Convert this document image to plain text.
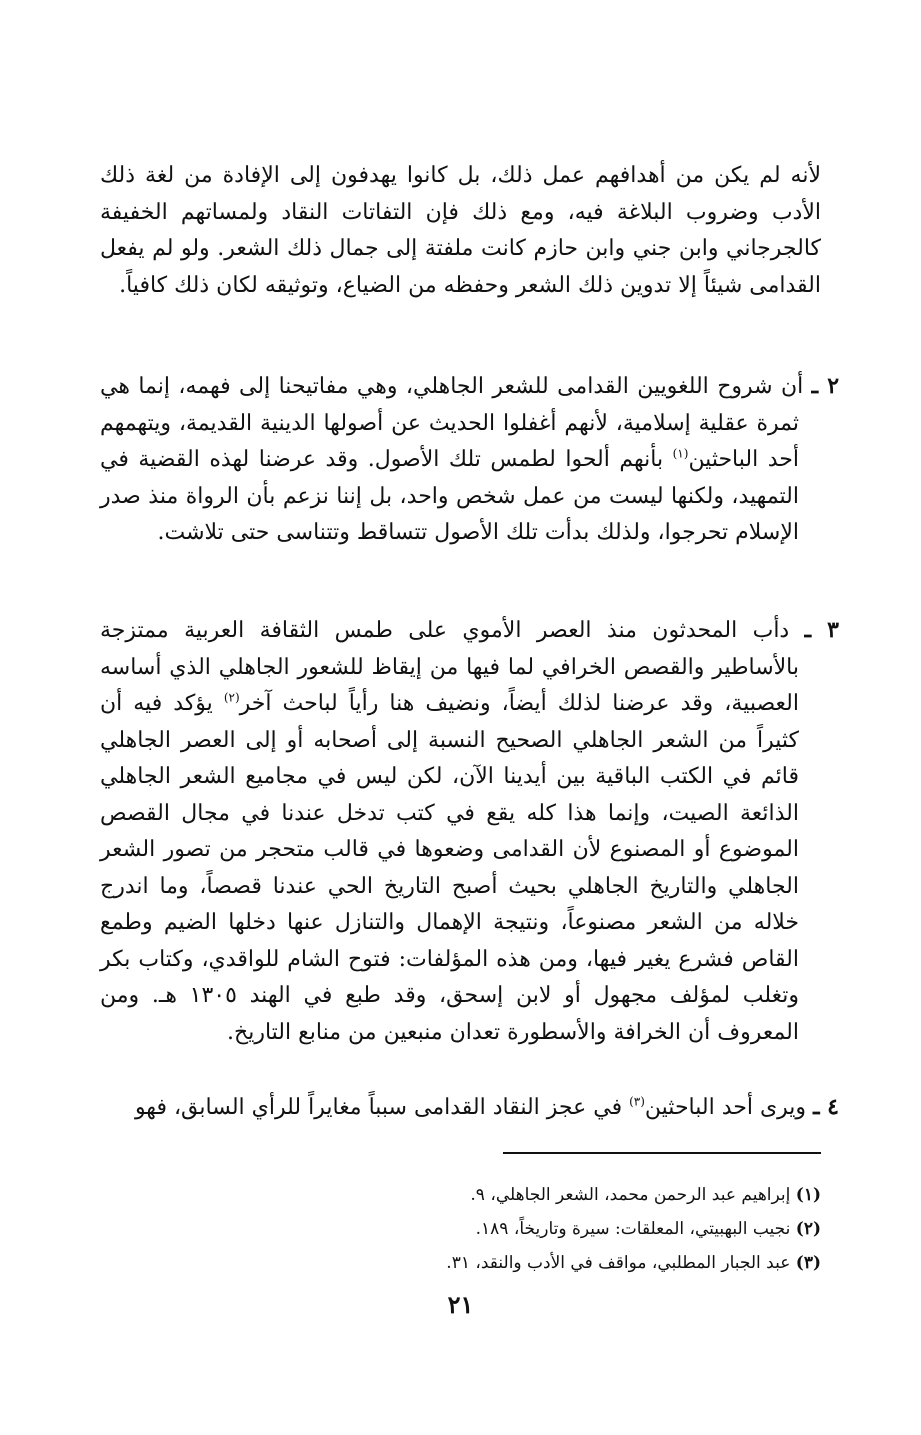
لأنه لم يكن من أهدافهم عمل ذلك، بل كانوا يهدفون إلى الإفادة من لغة ذلك الأدب وضروب البلاغة فيه، ومع ذلك فإن التفاتات النقاد ولمساتهم الخفيفة كالجرجاني وابن جني وابن حازم كانت ملفتة إلى جمال ذلك الشعر. ولو لم يفعل القدامى شيئاً إلا تدوين ذلك الشعر وحفظه من الضياع، وتوثيقه لكان ذلك كافياً.

٢ ـ أن شروح اللغويين القدامى للشعر الجاهلي، وهي مفاتيحنا إلى فهمه، إنما هي ثمرة عقلية إسلامية، لأنهم أغفلوا الحديث عن أصولها الدينية القديمة، ويتهمهم أحد الباحثين$^{(١)}$ بأنهم ألحوا لطمس تلك الأصول. وقد عرضنا لهذه القضية في التمهيد، ولكنها ليست من عمل شخص واحد، بل إننا نزعم بأن الرواة منذ صدر الإسلام تحرجوا، ولذلك بدأت تلك الأصول تتساقط وتتناسى حتى تلاشت.

٣ ـ دأب المحدثون منذ العصر الأموي على طمس الثقافة العربية ممتزجة بالأساطير والقصص الخرافي لما فيها من إيقاظ للشعور الجاهلي الذي أساسه العصبية، وقد عرضنا لذلك أيضاً، ونضيف هنا رأياً لباحث آخر$^{(٢)}$ يؤكد فيه أن كثيراً من الشعر الجاهلي الصحيح النسبة إلى أصحابه أو إلى العصر الجاهلي قائم في الكتب الباقية بين أيدينا الآن، لكن ليس في مجاميع الشعر الجاهلي الذائعة الصيت، وإنما هذا كله يقع في كتب تدخل عندنا في مجال القصص الموضوع أو المصنوع لأن القدامى وضعوها في قالب متحجر من تصور الشعر الجاهلي والتاريخ الجاهلي بحيث أصبح التاريخ الحي عندنا قصصاً، وما اندرج خلاله من الشعر مصنوعاً، ونتيجة الإهمال والتنازل عنها دخلها الضيم وطمع القاص فشرع يغير فيها، ومن هذه المؤلفات: فتوح الشام للواقدي، وكتاب بكر وتغلب لمؤلف مجهول أو لابن إسحق، وقد طبع في الهند ١٣٠٥ هـ. ومن المعروف أن الخرافة والأسطورة تعدان منبعين من منابع التاريخ.

٤ ـ ويرى أحد الباحثين$^{(٣)}$ في عجز النقاد القدامى سبباً مغايراً للرأي السابق، فهو

(١) إبراهيم عبد الرحمن محمد، الشعر الجاهلي، ٩.
(٢) نجيب البهبيتي، المعلقات: سيرة وتاريخاً، ١٨٩.
(٣) عبد الجبار المطلبي، مواقف في الأدب والنقد، ٣١.
٢١
